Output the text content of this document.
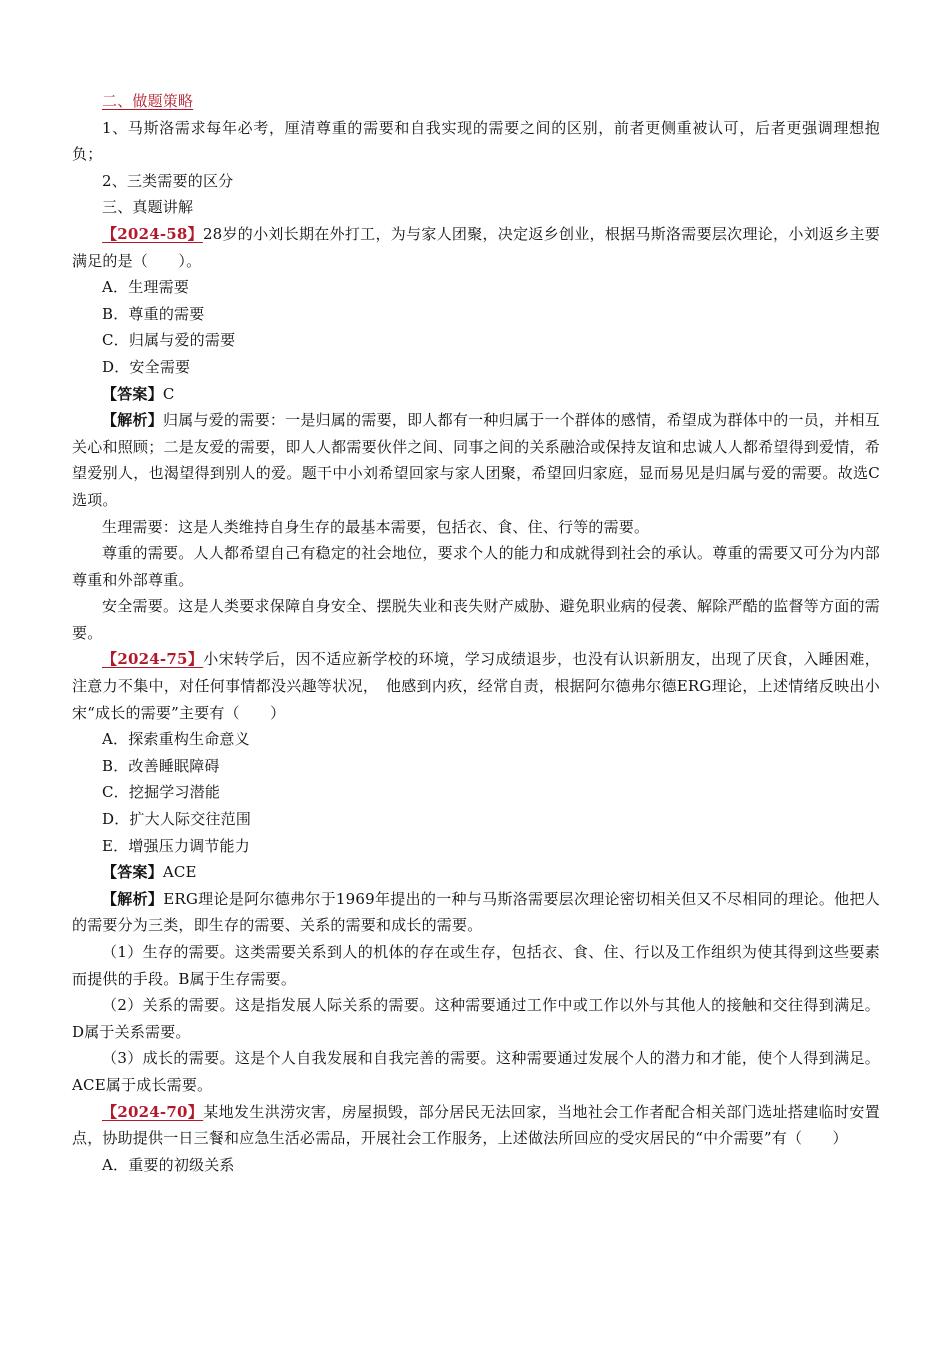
二、做题策略

1、马斯洛需求每年必考，厘清尊重的需要和自我实现的需要之间的区别，前者更侧重被认可，后者更强调理想抱负；

2、三类需要的区分

三、真题讲解

【2024-58】28岁的小刘长期在外打工，为与家人团聚，决定返乡创业，根据马斯洛需要层次理论，小刘返乡主要满足的是（　　）。

A．生理需要

B．尊重的需要

C．归属与爱的需要

D．安全需要

【答案】C

【解析】归属与爱的需要：一是归属的需要，即人都有一种归属于一个群体的感情，希望成为群体中的一员，并相互关心和照顾；二是友爱的需要，即人人都需要伙伴之间、同事之间的关系融洽或保持友谊和忠诚人人都希望得到爱情，希望爱别人，也渴望得到别人的爱。题干中小刘希望回家与家人团聚，希望回归家庭，显而易见是归属与爱的需要。故选C选项。

生理需要：这是人类维持自身生存的最基本需要，包括衣、食、住、行等的需要。

尊重的需要。人人都希望自己有稳定的社会地位，要求个人的能力和成就得到社会的承认。尊重的需要又可分为内部尊重和外部尊重。

安全需要。这是人类要求保障自身安全、摆脱失业和丧失财产威胁、避免职业病的侵袭、解除严酷的监督等方面的需要。

【2024-75】小宋转学后，因不适应新学校的环境，学习成绩退步，也没有认识新朋友，出现了厌食，入睡困难，注意力不集中，对任何事情都没兴趣等状况，　他感到内疚，经常自责，根据阿尔德弗尔德ERG理论，上述情绪反映出小宋“成长的需要”主要有（　　）

A．探索重构生命意义

B．改善睡眠障碍

C．挖掘学习潜能

D．扩大人际交往范围

E．增强压力调节能力

【答案】ACE

【解析】ERG理论是阿尔德弗尔于1969年提出的一种与马斯洛需要层次理论密切相关但又不尽相同的理论。他把人的需要分为三类，即生存的需要、关系的需要和成长的需要。

（1）生存的需要。这类需要关系到人的机体的存在或生存，包括衣、食、住、行以及工作组织为使其得到这些要素而提供的手段。B属于生存需要。

（2）关系的需要。这是指发展人际关系的需要。这种需要通过工作中或工作以外与其他人的接触和交往得到满足。D属于关系需要。

（3）成长的需要。这是个人自我发展和自我完善的需要。这种需要通过发展个人的潜力和才能，使个人得到满足。ACE属于成长需要。

【2024-70】某地发生洪涝灾害，房屋损毁，部分居民无法回家，当地社会工作者配合相关部门选址搭建临时安置点，协助提供一日三餐和应急生活必需品，开展社会工作服务，上述做法所回应的受灾居民的“中介需要”有（　　）

A．重要的初级关系
